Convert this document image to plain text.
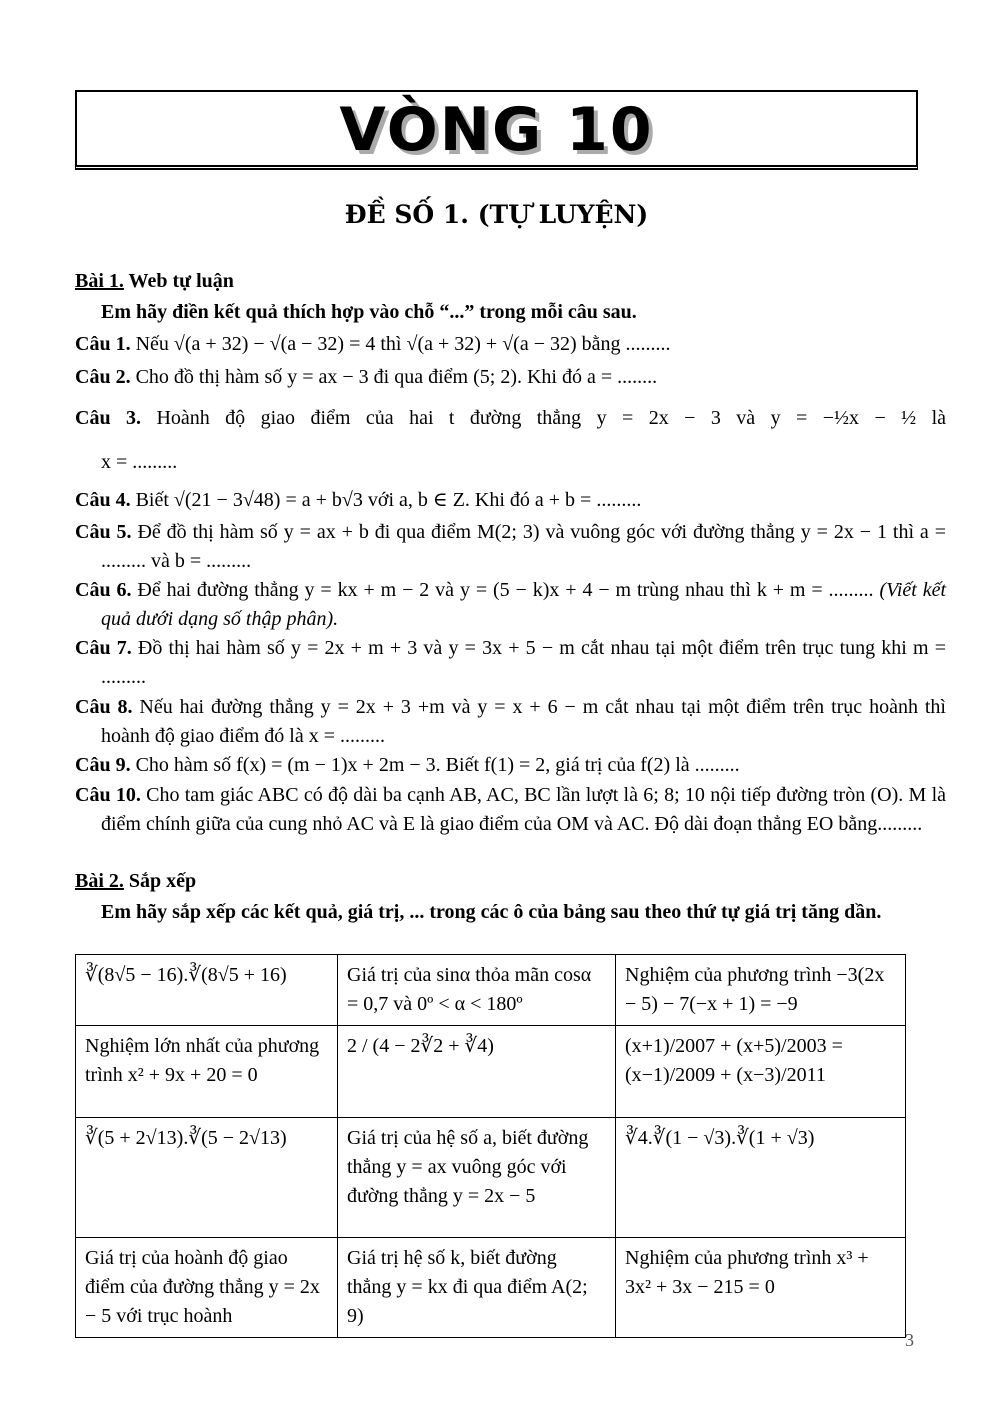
VÒNG 10
ĐỀ SỐ 1. (TỰ LUYỆN)
Bài 1. Web tự luận
Em hãy điền kết quả thích hợp vào chỗ “...” trong mỗi câu sau.
Câu 1. Nếu √(a + 32) − √(a − 32) = 4 thì √(a + 32) + √(a − 32) bằng .........
Câu 2. Cho đồ thị hàm số y = ax − 3 đi qua điểm (5; 2). Khi đó a = ........
Câu 3. Hoành độ giao điểm của hai t đường thẳng y = 2x − 3 và y = −½x − ½ là
x = .........
Câu 4. Biết √(21 − 3√48) = a + b√3 với a, b ∈ Z. Khi đó a + b = .........
Câu 5. Để đồ thị hàm số y = ax + b đi qua điểm M(2; 3) và vuông góc với đường thẳng y = 2x − 1 thì a = ......... và b = .........
Câu 6. Để hai đường thẳng y = kx + m − 2 và y = (5 − k)x + 4 − m trùng nhau thì k + m = ......... (Viết kết quả dưới dạng số thập phân).
Câu 7. Đồ thị hai hàm số y = 2x + m + 3 và y = 3x + 5 − m cắt nhau tại một điểm trên trục tung khi m = .........
Câu 8. Nếu hai đường thẳng y = 2x + 3 +m và y = x + 6 − m cắt nhau tại một điểm trên trục hoành thì hoành độ giao điểm đó là x = .........
Câu 9. Cho hàm số f(x) = (m − 1)x + 2m − 3. Biết f(1) = 2, giá trị của f(2) là .........
Câu 10. Cho tam giác ABC có độ dài ba cạnh AB, AC, BC lần lượt là 6; 8; 10 nội tiếp đường tròn (O). M là điểm chính giữa của cung nhỏ AC và E là giao điểm của OM và AC. Độ dài đoạn thẳng EO bằng.........
Bài 2. Sắp xếp
Em hãy sắp xếp các kết quả, giá trị, ... trong các ô của bảng sau theo thứ tự giá trị tăng dần.
∛(8√5 − 16).∛(8√5 + 16)	Giá trị của sinα thỏa mãn cosα = 0,7 và 0º < α < 180º	Nghiệm của phương trình −3(2x − 5) − 7(−x + 1) = −9
Nghiệm lớn nhất của phương trình x² + 9x + 20 = 0	2 / (4 − 2∛2 + ∛4)	(x+1)/2007 + (x+5)/2003 = (x−1)/2009 + (x−3)/2011
∛(5 + 2√13).∛(5 − 2√13)	Giá trị của hệ số a, biết đường thẳng y = ax vuông góc với đường thẳng y = 2x − 5	∛4.∛(1 − √3).∛(1 + √3)
Giá trị của hoành độ giao điểm của đường thẳng y = 2x − 5 với trục hoành	Giá trị hệ số k, biết đường thẳng y = kx đi qua điểm A(2; 9)	Nghiệm của phương trình x³ + 3x² + 3x − 215 = 0
3
